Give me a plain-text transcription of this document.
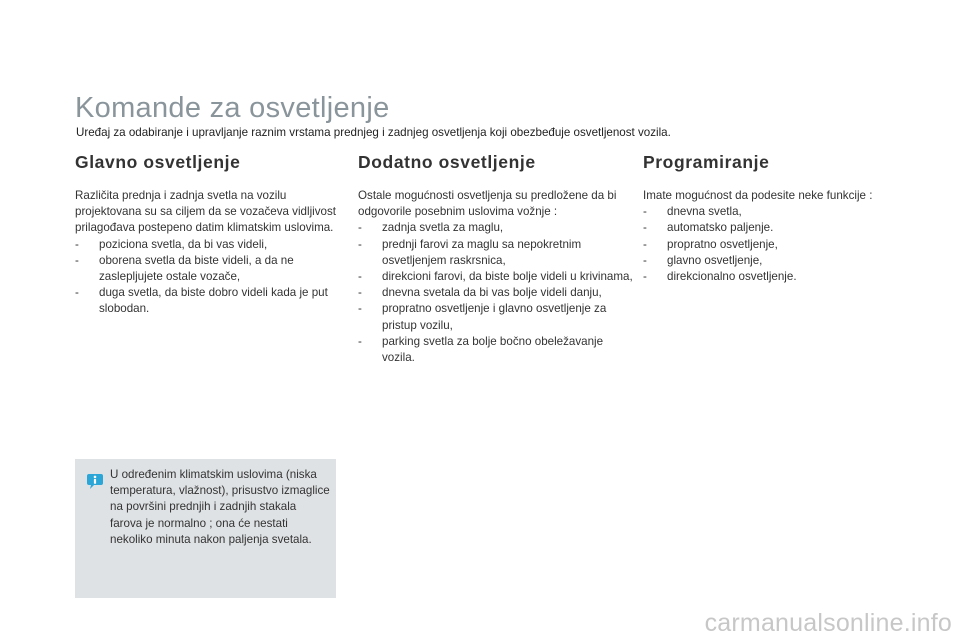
Komande za osvetljenje

Uređaj za odabiranje i upravljanje raznim vrstama prednjeg i zadnjeg osvetljenja koji obezbeđuje osvetljenost vozila.

Glavno osvetljenje

Različita prednja i zadnja svetla na vozilu projektovana su sa ciljem da se vozačeva vidljivost prilagođava postepeno datim klimatskim uslovima.

- poziciona svetla, da bi vas videli,
- oborena svetla da biste videli, a da ne zaslepljujete ostale vozače,
- duga svetla, da biste dobro videli kada je put slobodan.
Dodatno osvetljenje

Ostale mogućnosti osvetljenja su predložene da bi odgovorile posebnim uslovima vožnje :

- zadnja svetla za maglu,
- prednji farovi za maglu sa nepokretnim osvetljenjem raskrsnica,
- direkcioni farovi, da biste bolje videli u krivinama,
- dnevna svetala da bi vas bolje videli danju,
- propratno osvetljenje i glavno osvetljenje za pristup vozilu,
- parking svetla za bolje bočno obeležavanje vozila.
Programiranje

Imate mogućnost da podesite neke funkcije :

- dnevna svetla,
- automatsko paljenje.
- propratno osvetljenje,
- glavno osvetljenje,
- direkcionalno osvetljenje.

U određenim klimatskim uslovima (niska temperatura, vlažnost), prisustvo izmaglice na površini prednjih i zadnjih stakala farova je normalno ; ona će nestati nekoliko minuta nakon paljenja svetala.

carmanualsonline.info
